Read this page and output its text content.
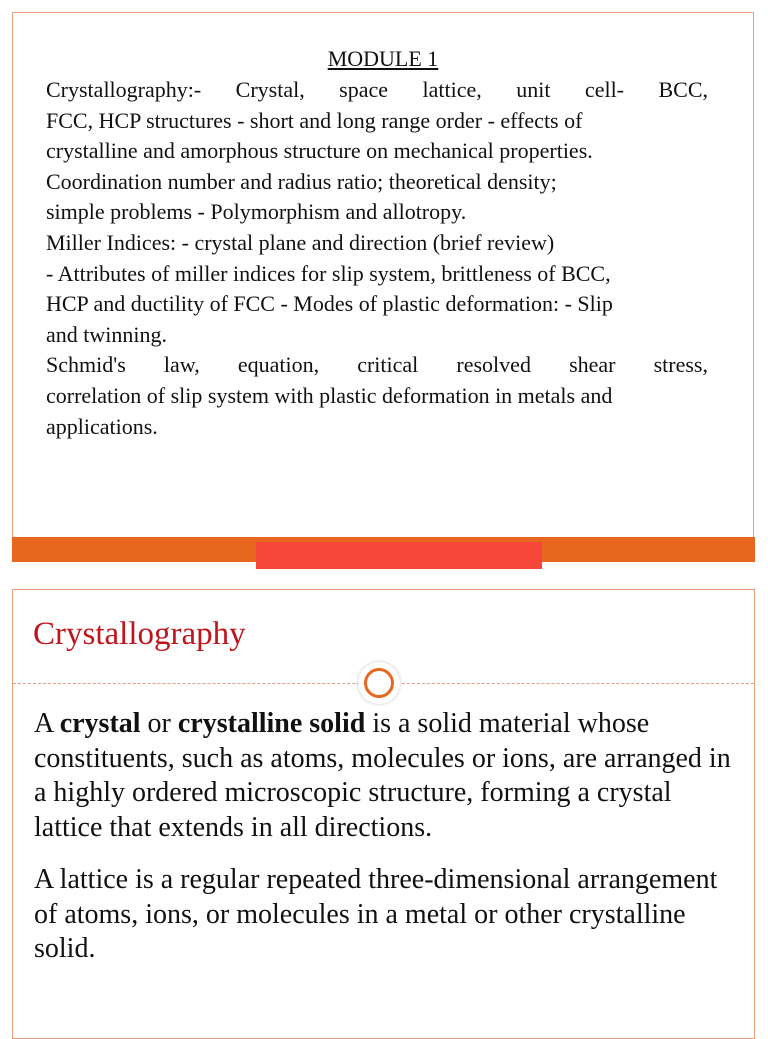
MODULE 1

Crystallography:- Crystal, space lattice, unit cell- BCC,

FCC, HCP structures - short and long range order - effects of

crystalline and amorphous structure on mechanical properties.

Coordination number and radius ratio; theoretical density;

simple problems - Polymorphism and allotropy.

Miller Indices: - crystal plane and direction (brief review)

- Attributes of miller indices for slip system, brittleness of BCC,

HCP and ductility of FCC - Modes of plastic deformation: - Slip

and twinning.

Schmid's law, equation, critical resolved shear stress,

correlation of slip system with plastic deformation in metals and

applications.

Crystallography

A crystal or crystalline solid is a solid material whose constituents, such as atoms, molecules or ions, are arranged in a highly ordered microscopic structure, forming a crystal lattice that extends in all directions.

A lattice is a regular repeated three-dimensional arrangement of atoms, ions, or molecules in a metal or other crystalline solid.
